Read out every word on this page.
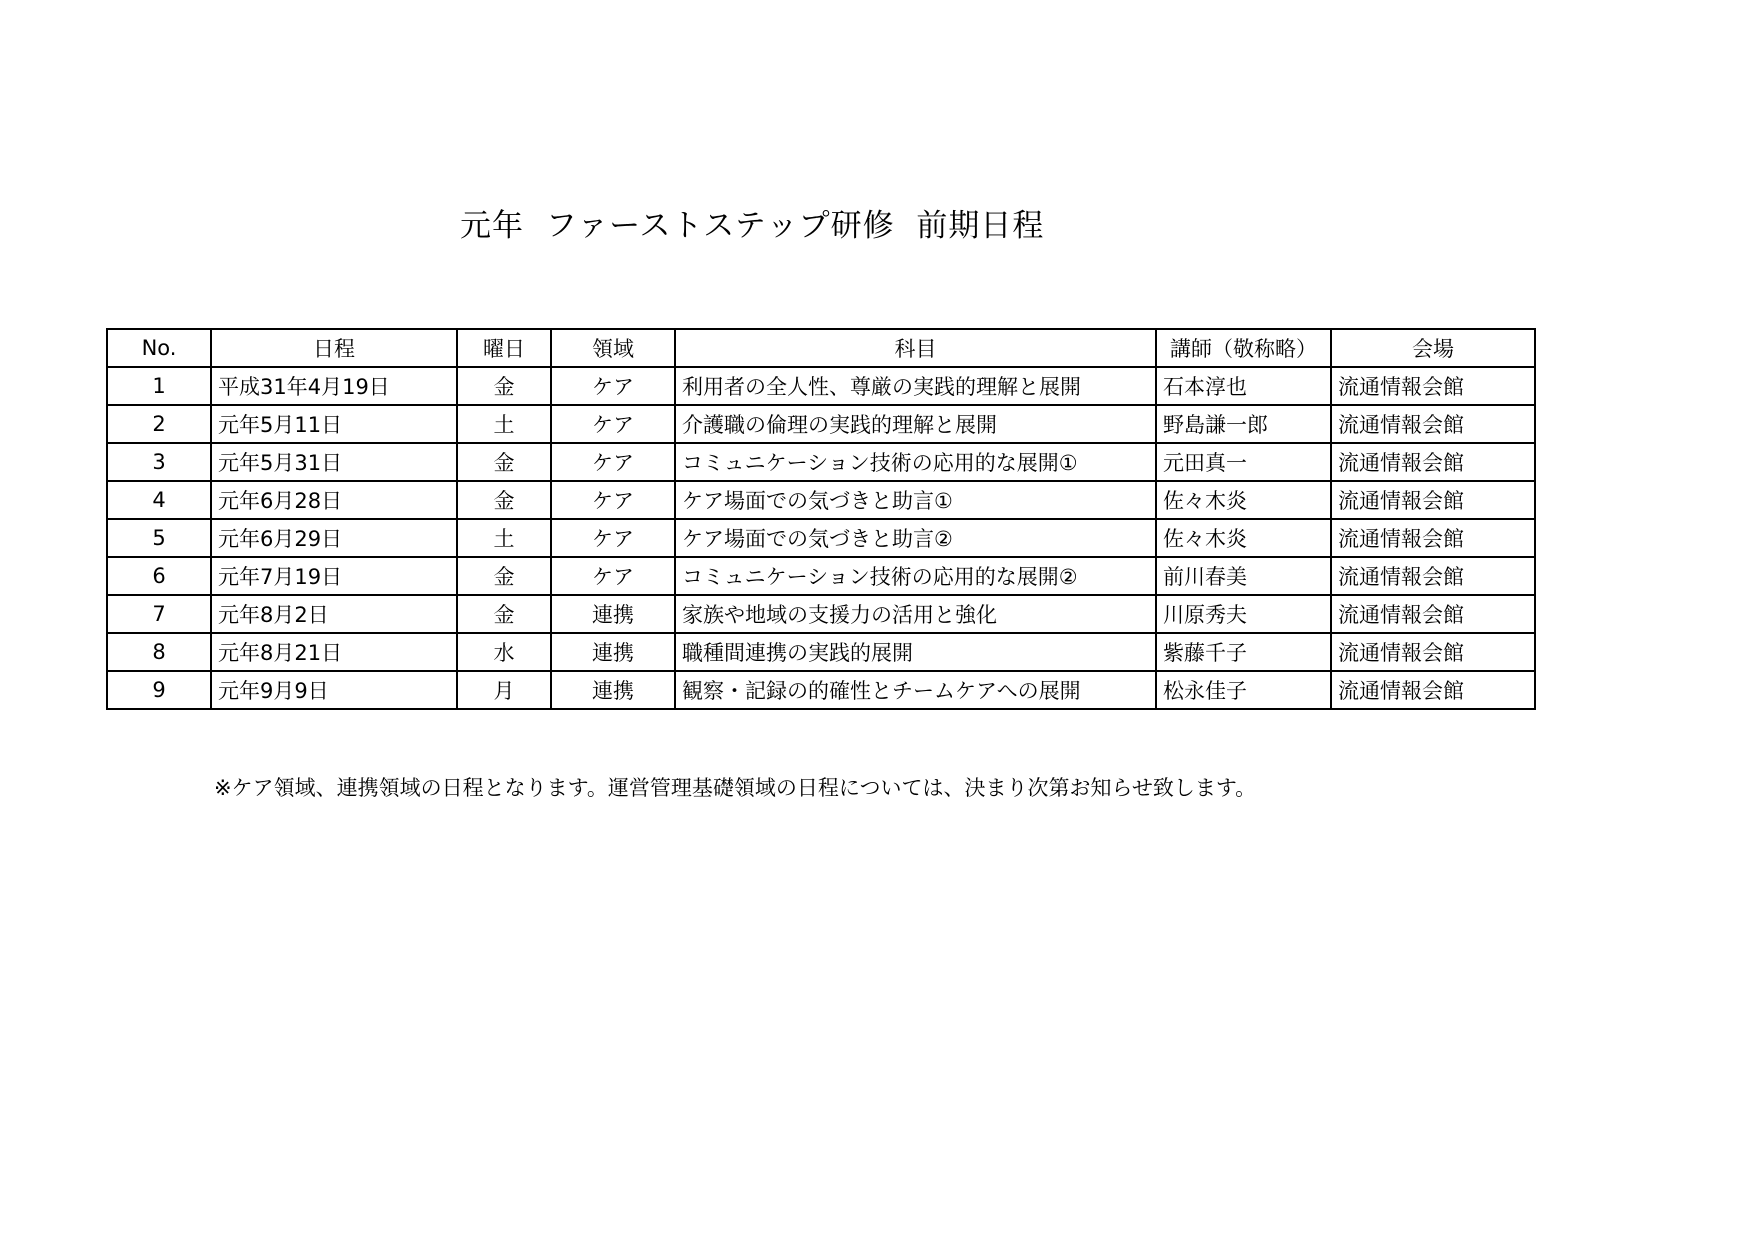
元年  ファーストステップ研修  前期日程
No.	日程	曜日	領域	科目	講師（敬称略）	会場
1	平成31年4月19日	金	ケア	利用者の全人性、尊厳の実践的理解と展開	石本淳也	流通情報会館
2	元年5月11日	土	ケア	介護職の倫理の実践的理解と展開	野島謙一郎	流通情報会館
3	元年5月31日	金	ケア	コミュニケーション技術の応用的な展開①	元田真一	流通情報会館
4	元年6月28日	金	ケア	ケア場面での気づきと助言①	佐々木炎	流通情報会館
5	元年6月29日	土	ケア	ケア場面での気づきと助言②	佐々木炎	流通情報会館
6	元年7月19日	金	ケア	コミュニケーション技術の応用的な展開②	前川春美	流通情報会館
7	元年8月2日	金	連携	家族や地域の支援力の活用と強化	川原秀夫	流通情報会館
8	元年8月21日	水	連携	職種間連携の実践的展開	紫藤千子	流通情報会館
9	元年9月9日	月	連携	観察・記録の的確性とチームケアへの展開	松永佳子	流通情報会館
※ケア領域、連携領域の日程となります。運営管理基礎領域の日程については、決まり次第お知らせ致します。
